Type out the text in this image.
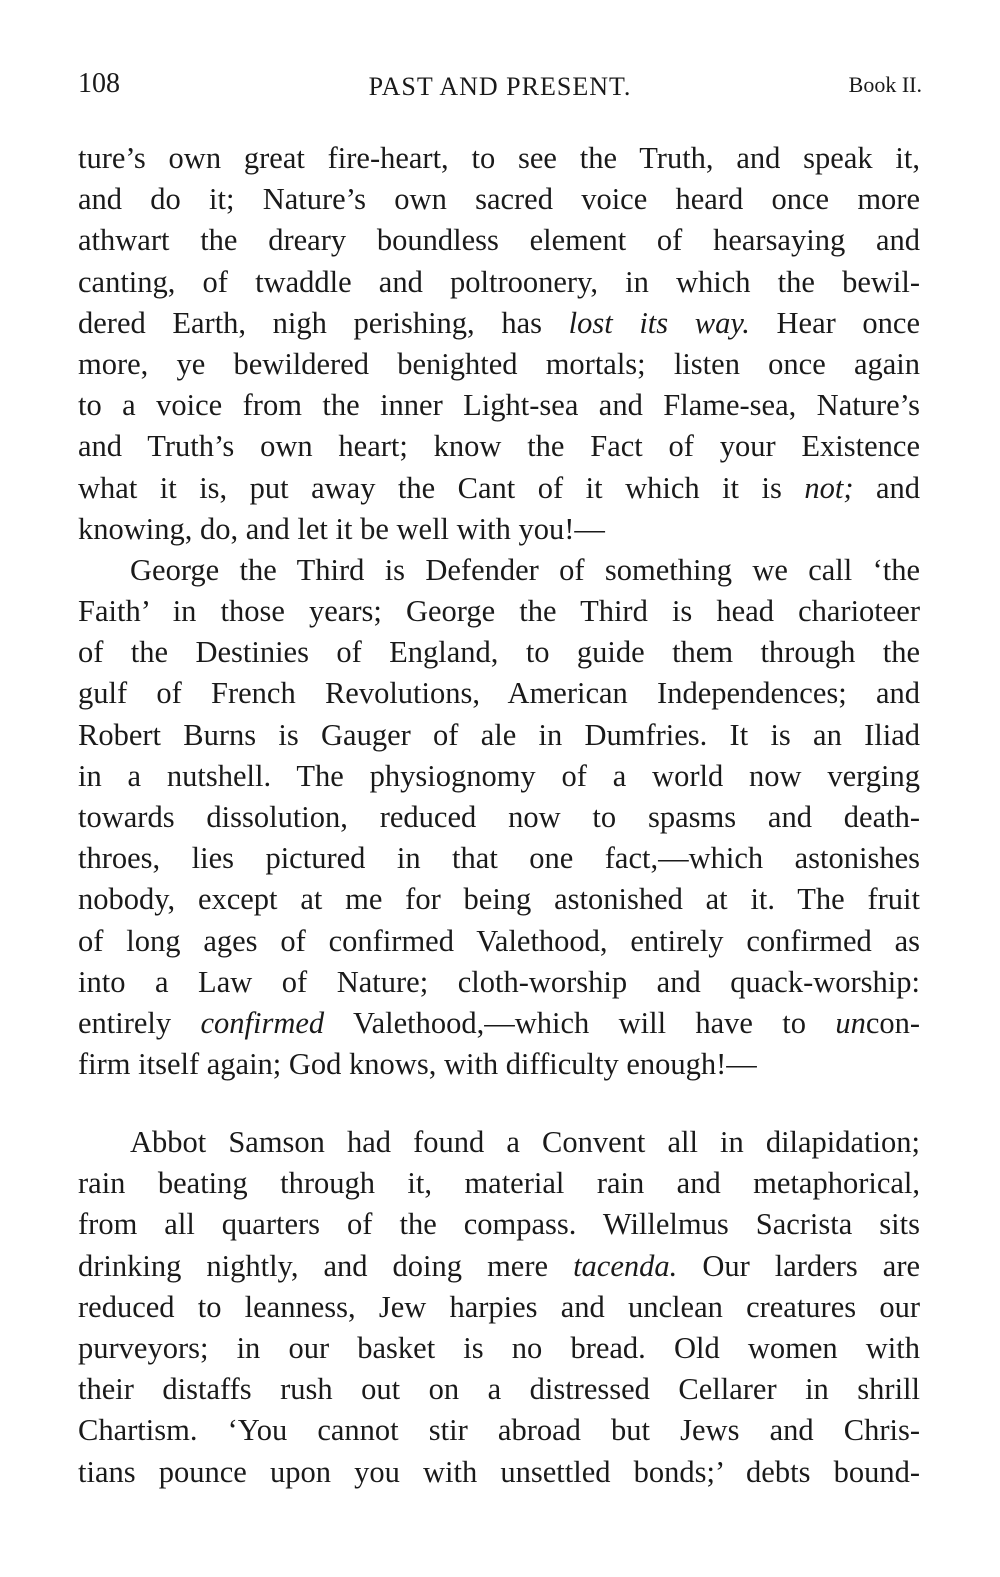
108	PAST AND PRESENT.	Book II.
ture’s own great fire-heart, to see the Truth, and speak it,
and do it; Nature’s own sacred voice heard once more
athwart the dreary boundless element of hearsaying and
canting, of twaddle and poltroonery, in which the bewil-
dered Earth, nigh perishing, has lost its way. Hear once
more, ye bewildered benighted mortals; listen once again
to a voice from the inner Light-sea and Flame-sea, Nature’s
and Truth’s own heart; know the Fact of your Existence
what it is, put away the Cant of it which it is not; and
knowing, do, and let it be well with you!—
George the Third is Defender of something we call ‘the
Faith’ in those years; George the Third is head charioteer
of the Destinies of England, to guide them through the
gulf of French Revolutions, American Independences; and
Robert Burns is Gauger of ale in Dumfries. It is an Iliad
in a nutshell. The physiognomy of a world now verging
towards dissolution, reduced now to spasms and death-
throes, lies pictured in that one fact,—which astonishes
nobody, except at me for being astonished at it. The fruit
of long ages of confirmed Valethood, entirely confirmed as
into a Law of Nature; cloth-worship and quack-worship:
entirely confirmed Valethood,—which will have to uncon-
firm itself again; God knows, with difficulty enough!—
Abbot Samson had found a Convent all in dilapidation;
rain beating through it, material rain and metaphorical,
from all quarters of the compass. Willelmus Sacrista sits
drinking nightly, and doing mere tacenda. Our larders are
reduced to leanness, Jew harpies and unclean creatures our
purveyors; in our basket is no bread. Old women with
their distaffs rush out on a distressed Cellarer in shrill
Chartism. ‘You cannot stir abroad but Jews and Chris-
tians pounce upon you with unsettled bonds;’ debts bound-
